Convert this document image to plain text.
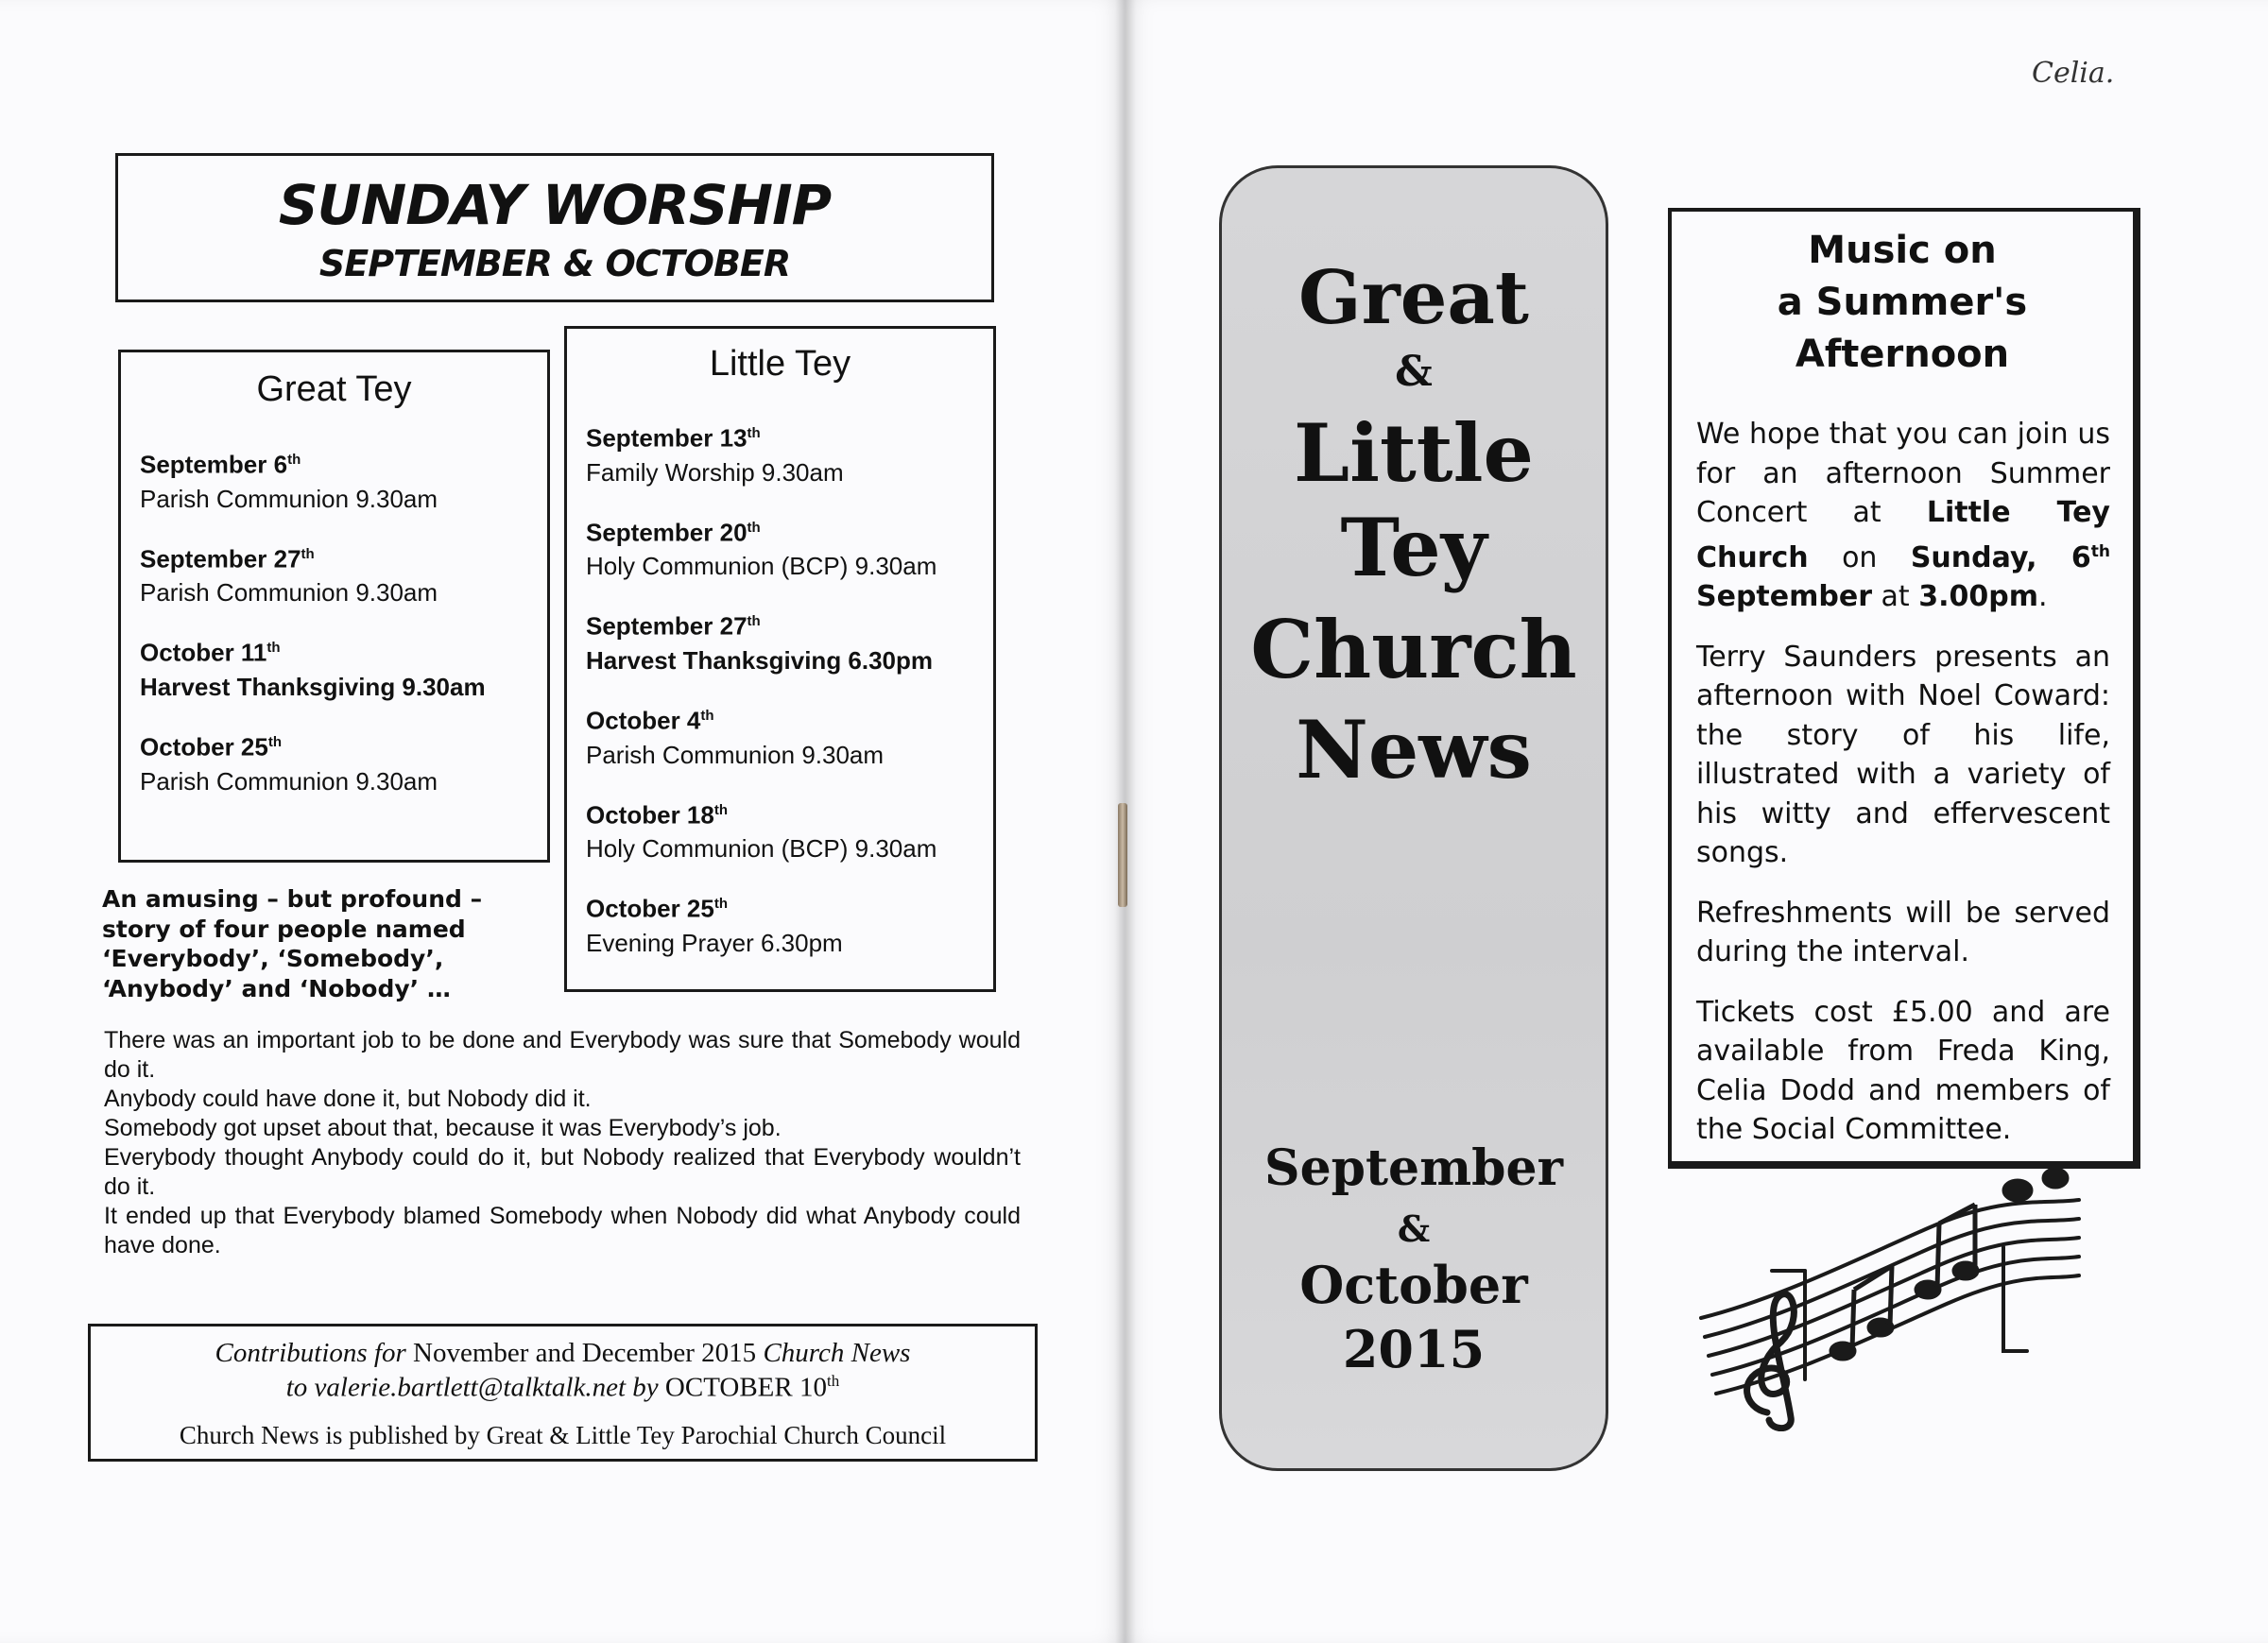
Celia.
SUNDAY WORSHIP
SEPTEMBER & OCTOBER
Great Tey
September 6th
Parish Communion 9.30am
September 27th
Parish Communion 9.30am
October 11th
Harvest Thanksgiving 9.30am
October 25th
Parish Communion 9.30am
Little Tey
September 13th
Family Worship 9.30am
September 20th
Holy Communion (BCP) 9.30am
September 27th
Harvest Thanksgiving 6.30pm
October 4th
Parish Communion 9.30am
October 18th
Holy Communion (BCP) 9.30am
October 25th
Evening Prayer 6.30pm
An amusing – but profound –
story of four people named
‘Everybody’, ‘Somebody’,
‘Anybody’ and ‘Nobody’ …

There was an important job to be done and Everybody was sure that Somebody would do it.

Anybody could have done it, but Nobody did it.

Somebody got upset about that, because it was Everybody’s job.

Everybody thought Anybody could do it, but Nobody realized that Everybody wouldn’t do it.

It ended up that Everybody blamed Somebody when Nobody did what Anybody could have done.

Contributions for November and December 2015 Church News
to valerie.bartlett@talktalk.net by OCTOBER 10th
Church News is published by Great & Little Tey Parochial Church Council
Great
&
Little
Tey
Church
News
September
&
October
2015
Music on
a Summer's
Afternoon

We hope that you can join us for an afternoon Summer Concert at Little Tey Church on Sunday, 6th September at 3.00pm.

Terry Saunders presents an afternoon with Noel Coward: the story of his life, illustrated with a variety of his witty and effervescent songs.

Refreshments will be served during the interval.

Tickets cost £5.00 and are available from Freda King, Celia Dodd and members of the Social Committee.
